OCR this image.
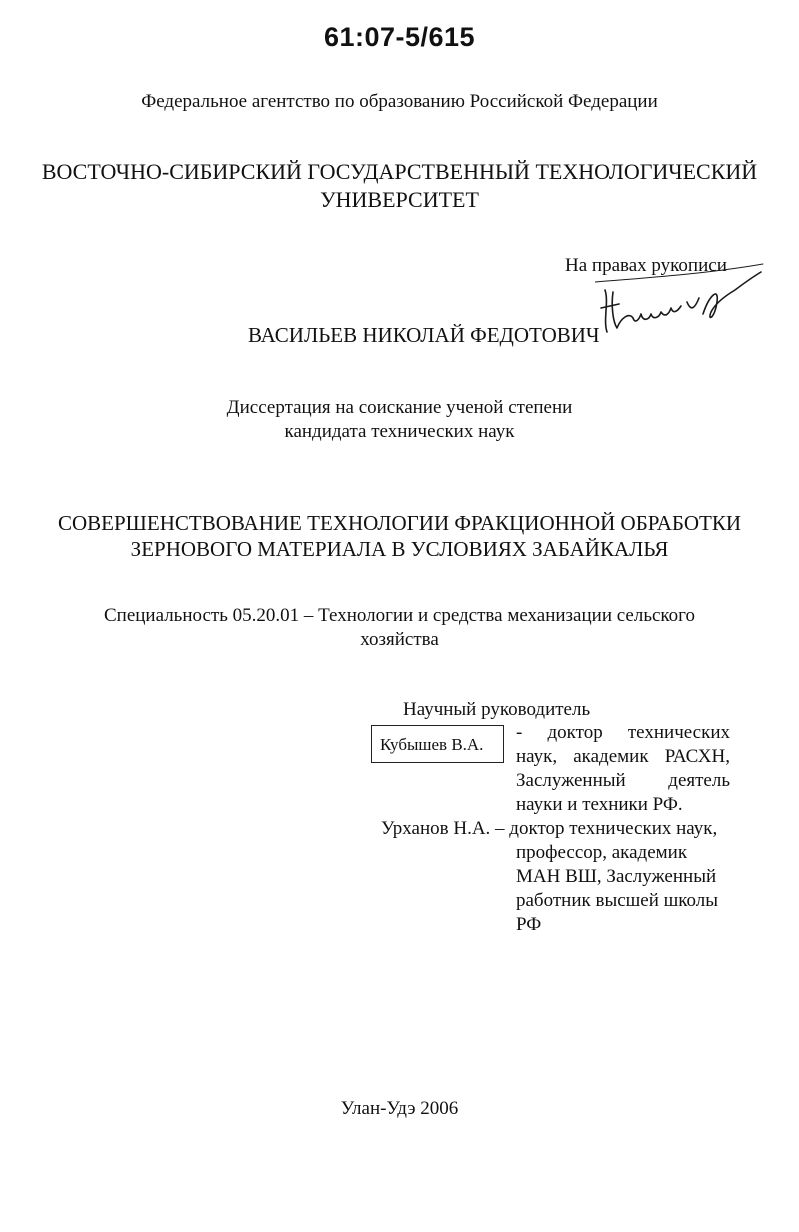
61:07-5/615
Федеральное агентство по образованию Российской Федерации
ВОСТОЧНО-СИБИРСКИЙ ГОСУДАРСТВЕННЫЙ ТЕХНОЛОГИЧЕСКИЙ
УНИВЕРСИТЕТ
На правах рукописи
ВАСИЛЬЕВ НИКОЛАЙ ФЕДОТОВИЧ
Диссертация на соискание ученой степени
кандидата технических наук
СОВЕРШЕНСТВОВАНИЕ ТЕХНОЛОГИИ ФРАКЦИОННОЙ ОБРАБОТКИ
ЗЕРНОВОГО МАТЕРИАЛА В УСЛОВИЯХ ЗАБАЙКАЛЬЯ
Специальность 05.20.01 – Технологии и средства механизации сельского
хозяйства
Научный руководитель
Кубышев В.А.
- доктор технических
наук, академик РАСХН,
Заслуженный деятель
науки и техники РФ.
Урханов Н.А. – доктор технических наук,
профессор, академик
МАН ВШ, Заслуженный
работник высшей школы
РФ
Улан-Удэ 2006
